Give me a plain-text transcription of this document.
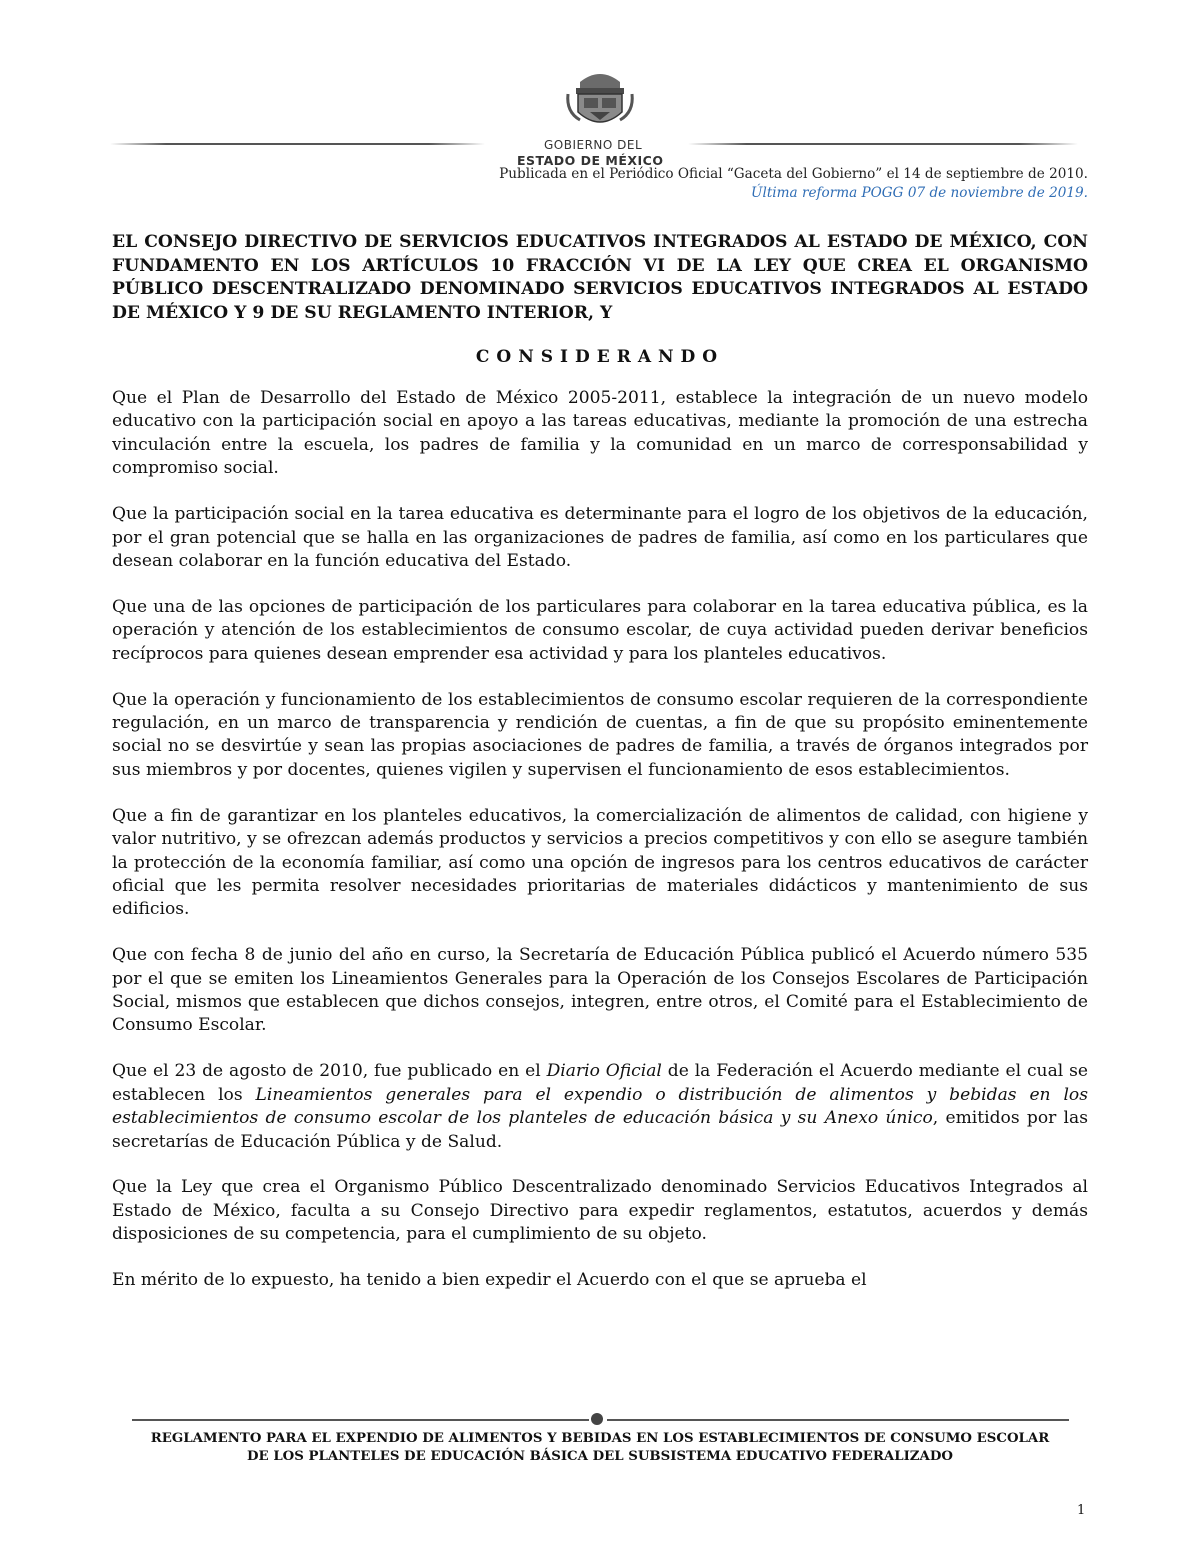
GOBIERNO DEL
ESTADO DE MÉXICO
Publicada en el Periódico Oficial “Gaceta del Gobierno” el 14 de septiembre de 2010.
Última reforma POGG 07 de noviembre de 2019.

EL CONSEJO DIRECTIVO DE SERVICIOS EDUCATIVOS INTEGRADOS AL ESTADO DE MÉXICO, CON FUNDAMENTO EN LOS ARTÍCULOS 10 FRACCIÓN VI DE LA LEY QUE CREA EL ORGANISMO PÚBLICO DESCENTRALIZADO DENOMINADO SERVICIOS EDUCATIVOS INTEGRADOS AL ESTADO DE MÉXICO Y 9 DE SU REGLAMENTO INTERIOR, Y

CONSIDERANDO

Que el Plan de Desarrollo del Estado de México 2005-2011, establece la integración de un nuevo modelo educativo con la participación social en apoyo a las tareas educativas, mediante la promoción de una estrecha vinculación entre la escuela, los padres de familia y la comunidad en un marco de corresponsabilidad y compromiso social.

Que la participación social en la tarea educativa es determinante para el logro de los objetivos de la educación, por el gran potencial que se halla en las organizaciones de padres de familia, así como en los particulares que desean colaborar en la función educativa del Estado.

Que una de las opciones de participación de los particulares para colaborar en la tarea educativa pública, es la operación y atención de los establecimientos de consumo escolar, de cuya actividad pueden derivar beneficios recíprocos para quienes desean emprender esa actividad y para los planteles educativos.

Que la operación y funcionamiento de los establecimientos de consumo escolar requieren de la correspondiente regulación, en un marco de transparencia y rendición de cuentas, a fin de que su propósito eminentemente social no se desvirtúe y sean las propias asociaciones de padres de familia, a través de órganos integrados por sus miembros y por docentes, quienes vigilen y supervisen el funcionamiento de esos establecimientos.

Que a fin de garantizar en los planteles educativos, la comercialización de alimentos de calidad, con higiene y valor nutritivo, y se ofrezcan además productos y servicios a precios competitivos y con ello se asegure también la protección de la economía familiar, así como una opción de ingresos para los centros educativos de carácter oficial que les permita resolver necesidades prioritarias de materiales didácticos y mantenimiento de sus edificios.

Que con fecha 8 de junio del año en curso, la Secretaría de Educación Pública publicó el Acuerdo número 535 por el que se emiten los Lineamientos Generales para la Operación de los Consejos Escolares de Participación Social, mismos que establecen que dichos consejos, integren, entre otros, el Comité para el Establecimiento de Consumo Escolar.

Que el 23 de agosto de 2010, fue publicado en el Diario Oficial de la Federación el Acuerdo mediante el cual se establecen los Lineamientos generales para el expendio o distribución de alimentos y bebidas en los establecimientos de consumo escolar de los planteles de educación básica y su Anexo único, emitidos por las secretarías de Educación Pública y de Salud.

Que la Ley que crea el Organismo Público Descentralizado denominado Servicios Educativos Integrados al Estado de México, faculta a su Consejo Directivo para expedir reglamentos, estatutos, acuerdos y demás disposiciones de su competencia, para el cumplimiento de su objeto.

En mérito de lo expuesto, ha tenido a bien expedir el Acuerdo con el que se aprueba el

REGLAMENTO PARA EL EXPENDIO DE ALIMENTOS Y BEBIDAS EN LOS ESTABLECIMIENTOS DE CONSUMO ESCOLAR
DE LOS PLANTELES DE EDUCACIÓN BÁSICA DEL SUBSISTEMA EDUCATIVO FEDERALIZADO
1
